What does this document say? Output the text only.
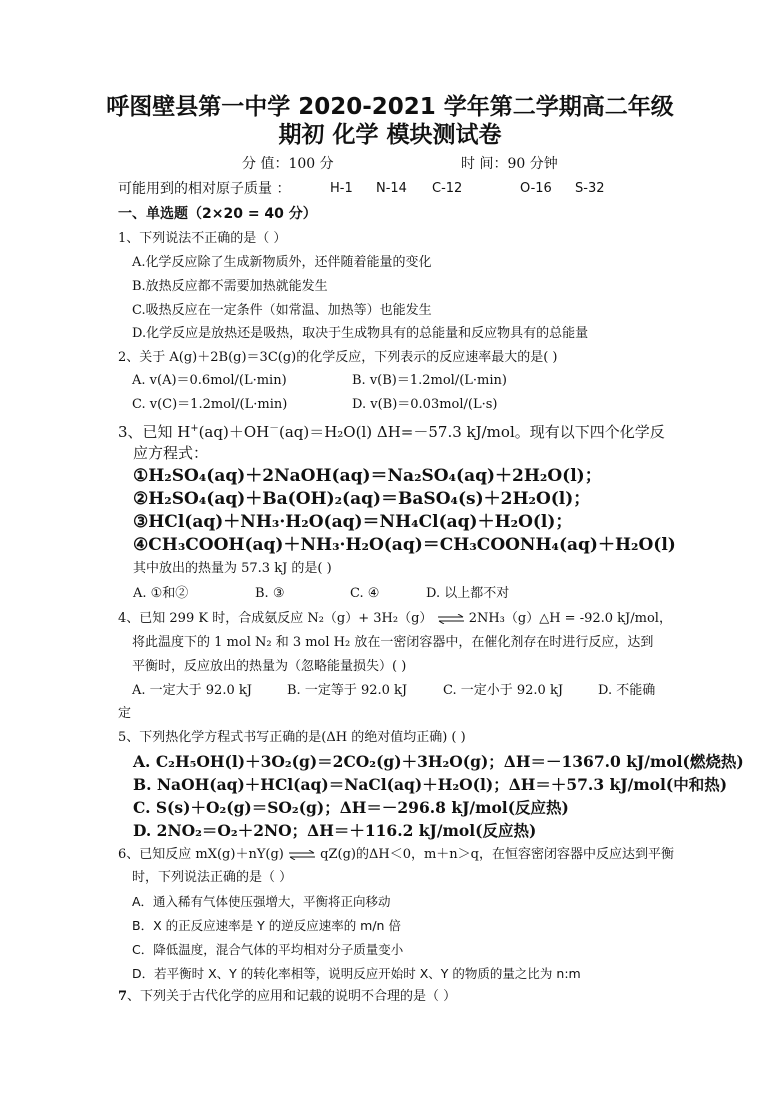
呼图壁县第一中学 2020-2021 学年第二学期高二年级
期初 化学 模块测试卷
分 值：100 分	时 间：90 分钟
可能用到的相对原子质量 ：	H-1 N-14 C-12	O-16 S-32
一、单选题（2×20 = 40 分）
1、下列说法不正确的是（ ）
A.化学反应除了生成新物质外，还伴随着能量的变化
B.放热反应都不需要加热就能发生
C.吸热反应在一定条件（如常温、加热等）也能发生
D.化学反应是放热还是吸热，取决于生成物具有的总能量和反应物具有的总能量
2、关于 A(g)＋2B(g)＝3C(g)的化学反应，下列表示的反应速率最大的是( )
A. v(A)＝0.6mol/(L·min)	B. v(B)＝1.2mol/(L·min)
C. v(C)＝1.2mol/(L·min)	D. v(B)＝0.03mol/(L·s)
3、已知 H+(aq)＋OH－(aq)＝H₂O(l) ΔH=－57.3 kJ/mol。现有以下四个化学反
应方程式：
①H₂SO₄(aq)＋2NaOH(aq)＝Na₂SO₄(aq)＋2H₂O(l)；
②H₂SO₄(aq)＋Ba(OH)₂(aq)＝BaSO₄(s)＋2H₂O(l)；
③HCl(aq)＋NH₃·H₂O(aq)＝NH₄Cl(aq)＋H₂O(l)；
④CH₃COOH(aq)＋NH₃·H₂O(aq)＝CH₃COONH₄(aq)＋H₂O(l)
其中放出的热量为 57.3 kJ 的是( )
A. ①和②	B. ③	C. ④	D. 以上都不对
4、已知 299 K 时，合成氨反应 N₂（g）+ 3H₂（g） ⇌ 2NH₃（g）△H = -92.0 kJ/mol，
将此温度下的 1 mol N₂ 和 3 mol H₂ 放在一密闭容器中，在催化剂存在时进行反应，达到
平衡时，反应放出的热量为（忽略能量损失）( )
A. 一定大于 92.0 kJ	B. 一定等于 92.0 kJ	C. 一定小于 92.0 kJ	D. 不能确
定
5、下列热化学方程式书写正确的是(ΔH 的绝对值均正确) ( )
A. C₂H₅OH(l)＋3O₂(g)＝2CO₂(g)＋3H₂O(g)；ΔH＝－1367.0 kJ/mol(燃烧热)
B. NaOH(aq)＋HCl(aq)＝NaCl(aq)＋H₂O(l)；ΔH＝＋57.3 kJ/mol(中和热)
C. S(s)＋O₂(g)＝SO₂(g)；ΔH＝－296.8 kJ/mol(反应热)
D. 2NO₂＝O₂＋2NO；ΔH＝＋116.2 kJ/mol(反应热)
6、已知反应 mX(g)＋nY(g) ⇌ qZ(g)的ΔH＜0，m＋n＞q，在恒容密闭容器中反应达到平衡
时，下列说法正确的是（ ）
A．通入稀有气体使压强增大，平衡将正向移动
B．X 的正反应速率是 Y 的逆反应速率的 m/n 倍
C．降低温度，混合气体的平均相对分子质量变小
D．若平衡时 X、Y 的转化率相等，说明反应开始时 X、Y 的物质的量之比为 n:m
7、下列关于古代化学的应用和记载的说明不合理的是（ ）
